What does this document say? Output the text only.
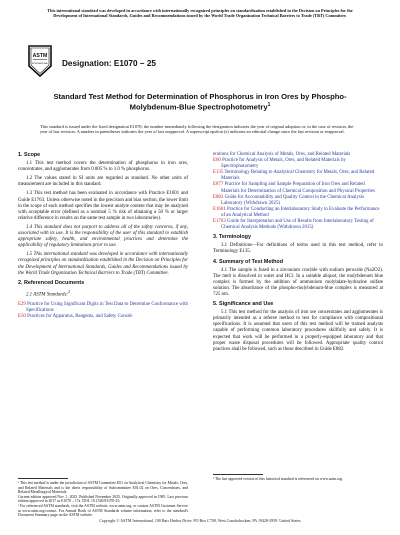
This international standard was developed in accordance with internationally recognized principles on standardization established in the Decision on Principles for the Development of International Standards, Guides and Recommendations issued by the World Trade Organization Technical Barriers to Trade (TBT) Committee.
ASTM
INTERNATIONAL Designation: E1070 − 25
Standard Test Method for Determination of Phosphorus in Iron Ores by Phospho-Molybdenum-Blue Spectrophotometry$^1$
This standard is issued under the fixed designation E1070; the number immediately following the designation indicates the year of original adoption or, in the case of revision, the year of last revision. A number in parentheses indicates the year of last reapproval. A superscript epsilon (ε) indicates an editorial change since the last revision or reapproval.
1. Scope

1.1 This test method covers the determination of phosphorus in iron ores, concentrates, and agglomerates from 0.005 % to 1.0 % phosphorus.

1.2 The values stated in SI units are regarded as standard. No other units of measurement are included in this standard.

1.3 This test method has been evaluated in accordance with Practice E1601 and Guide E1763. Unless otherwise noted in the precision and bias section, the lower limit in the scope of each method specifies the lowest analyte content that may be analyzed with acceptable error (defined as a nominal 5 % risk of obtaining a 50 % or larger relative difference in results on the same test sample in two laboratories).

1.4 This standard does not purport to address all of the safety concerns, if any, associated with its use. It is the responsibility of the user of this standard to establish appropriate safety, health, and environmental practices and determine the applicability of regulatory limitations prior to use.

1.5 This international standard was developed in accordance with internationally recognized principles on standardization established in the Decision on Principles for the Development of International Standards, Guides and Recommendations issued by the World Trade Organization Technical Barriers to Trade (TBT) Committee.

2. Referenced Documents

2.1 ASTM Standards:$^2$

E29 Practice for Using Significant Digits in Test Data to Determine Conformance with Specifications
E50 Practices for Apparatus, Reagents, and Safety Consid-
erations for Chemical Analysis of Metals, Ores, and Related Materials
E60 Practice for Analysis of Metals, Ores, and Related Materials by Spectrophotometry
E135 Terminology Relating to Analytical Chemistry for Metals, Ores, and Related Materials
E877 Practice for Sampling and Sample Preparation of Iron Ores and Related Materials for Determination of Chemical Composition and Physical Properties
E882 Guide for Accountability and Quality Control in the Chemical Analysis Laboratory (Withdrawn 2025)
E1601 Practice for Conducting an Interlaboratory Study to Evaluate the Performance of an Analytical Method
E1763 Guide for Interpretation and Use of Results from Interlaboratory Testing of Chemical Analysis Methods (Withdrawn 2015)
3. Terminology

3.1 Definitions—For definitions of terms used in this test method, refer to Terminology E135.

4. Summary of Test Method

4.1 The sample is fused in a zirconium crucible with sodium peroxide (Na2O2). The melt is dissolved in water and HCl. In a suitable aliquot, the molybdenum blue complex is formed by the addition of ammonium molybdate-hydrazine sulfate solution. The absorbance of the phospho-molybdenum-blue complex is measured at 725 nm.

5. Significance and Use

5.1 This test method for the analysis of iron ore concentrates and agglomerates is primarily intended as a referee method to test for compliance with compositional specifications. It is assumed that users of this test method will be trained analysts capable of performing common laboratory procedures skillfully and safely. It is expected that work will be performed in a properly-equipped laboratory and that proper waste disposal procedures will be followed. Appropriate quality control practices shall be followed, such as those described in Guide E882.

¹ This test method is under the jurisdiction of ASTM Committee E01 on Analytical Chemistry for Metals, Ores, and Related Materials and is the direct responsibility of Subcommittee E01.02 on Ores, Concentrates, and Related Metallurgical Materials.
Current edition approved Nov. 1, 2025. Published November 2025. Originally approved in 1985. Last previous edition approved in 2017 as E1070 – 17a. DOI: 10.1520/E1070-25.
² For referenced ASTM standards, visit the ASTM website, www.astm.org, or contact ASTM Customer Service at www.astm.org/contact. For Annual Book of ASTM Standards volume information, refer to the standard's Document Summary page on the ASTM website.
³ The last approved version of this historical standard is referenced on www.astm.org.
Copyright © ASTM International, 100 Barr Harbor Drive, PO Box C700, West Conshohocken, PA 19428-2959. United States
